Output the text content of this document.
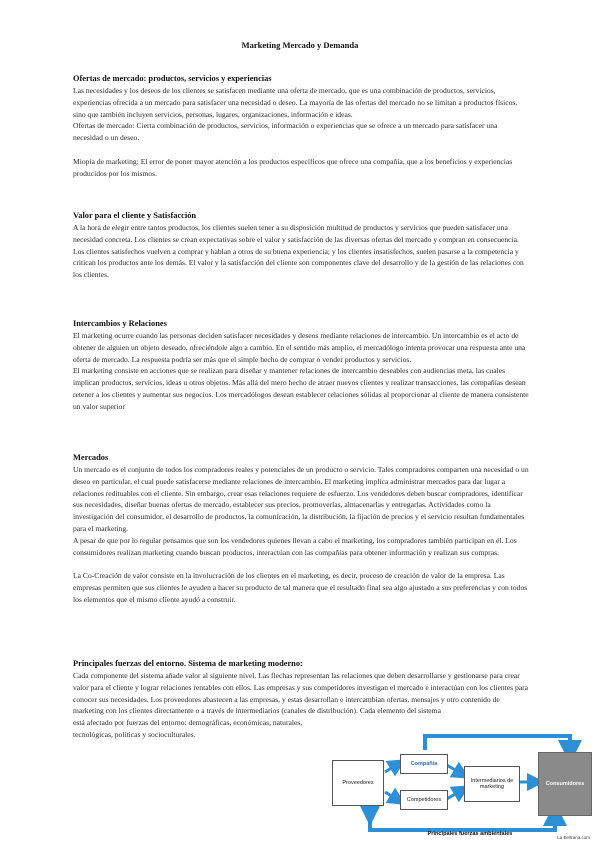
Marketing Mercado y Demanda
Ofertas de mercado: productos, servicios y experiencias

Las necesidades y los deseos de los clientes se satisfacen mediante una oferta de mercado, que es una combinación de productos, servicios, experiencias ofrecida a un mercado para satisfacer una necesidad o deseo. La mayoría de las ofertas del mercado no se limitan a productos físicos, sino que también incluyen servicios, personas, lugares, organizaciones, información e ideas.

Ofertas de mercado: Cierta combinación de productos, servicios, información o experiencias que se ofrece a un mercado para satisfacer una necesidad o un deseo.

Miopía de marketing: El error de poner mayor atención a los productos específicos que ofrece una compañía, que a los beneficios y experiencias producidos por los mismos.

Valor para el cliente y Satisfacción

A la hora de elegir entre tantos productos, los clientes suelen tener a su disposición multitud de productos y servicios que pueden satisfacer una necesidad concreta. Los clientes se crean expectativas sobre el valor y satisfacción de las diversas ofertas del mercado y compran en consecuencia.

Los clientes satisfechos vuelven a comprar y hablan a otros de su buena experiencia; y los clientes insatisfechos, suelen pasarse a la competencia y critican los productos ante los demás. El valor y la satisfacción del cliente son componentes clave del desarrollo y de la gestión de las relaciones con los clientes.

Intercambios y Relaciones

El marketing ocurre cuando las personas deciden satisfacer necesidades y deseos mediante relaciones de intercambio. Un intercambio es el acto de obtener de alguien un objeto deseado, ofreciéndole algo a cambio. En el sentido más amplio, el mercadólogo intenta provocar una respuesta ante una oferta de mercado. La respuesta podría ser más que el simple hecho de comprar o vender productos y servicios.

El marketing consiste en acciones que se realizan para diseñar y mantener relaciones de intercambio deseables con audiencias meta, las cuales implican productos, servicios, ideas u otros objetos. Más allá del mero hecho de atraer nuevos clientes y realizar transacciones, las compañías desean retener a los clientes y aumentar sus negocios. Los mercadólogos desean establecer relaciones sólidas al proporcionar al cliente de manera consistente un valor superior

Mercados

Un mercado es el conjunto de todos los compradores reales y potenciales de un producto o servicio. Tales compradores comparten una necesidad o un deseo en particular, el cual puede satisfacerse mediante relaciones de intercambio. El marketing implica administrar mercados para dar lugar a relaciones redituables con el cliente. Sin embargo, crear esas relaciones requiere de esfuerzo. Los vendedores deben buscar compradores, identificar sus necesidades, diseñar buenas ofertas de mercado, establecer sus precios, promoverlas, almacenarlas y entregarlas. Actividades como la investigación del consumidor, el desarrollo de productos, la comunicación, la distribución, la fijación de precios y el servicio resultan fundamentales para el marketing.

A pesar de que por lo regular pensamos que son los vendedores quienes llevan a cabo el marketing, los compradores también participan en él. Los consumidores realizan marketing cuando buscan productos, interactúan con las compañías para obtener información y realizan sus compras.

La Co-Creación de valor consiste en la involucración de los clientes en el marketing, es decir, proceso de creación de valor de la empresa. Las empresas permiten que sus clientes le ayuden a hacer su producto de tal manera que el resultado final sea algo ajustado a sus preferencias y con todos los elementos que el mismo cliente ayudó a construir.

Principales fuerzas del entorno. Sistema de marketing moderno:

Cada componente del sistema añade valor al siguiente nivel. Las flechas representan las relaciones que deben desarrollarse y gestionarse para crear valor para el cliente y lograr relaciones rentables con ellos. Las empresas y sus competidores investigan el mercado e interactúan con los clientes para conocer sus necesidades. Los proveedores abastecen a las empresas, y estas desarrollan e intercambian ofertas, mensajes y otro contenido de marketing con los clientes directamente o a través de intermediarios (canales de distribución). Cada elemento del sistema

está afectado por fuerzas del entorno: demográficas, económicas, naturales, tecnológicas, políticas y socioculturales.

Proveedores
Compañía
Competidores
Intermediarios de marketing	Consumidores
Principales fuerzas ambientales
La Beltrana.com
